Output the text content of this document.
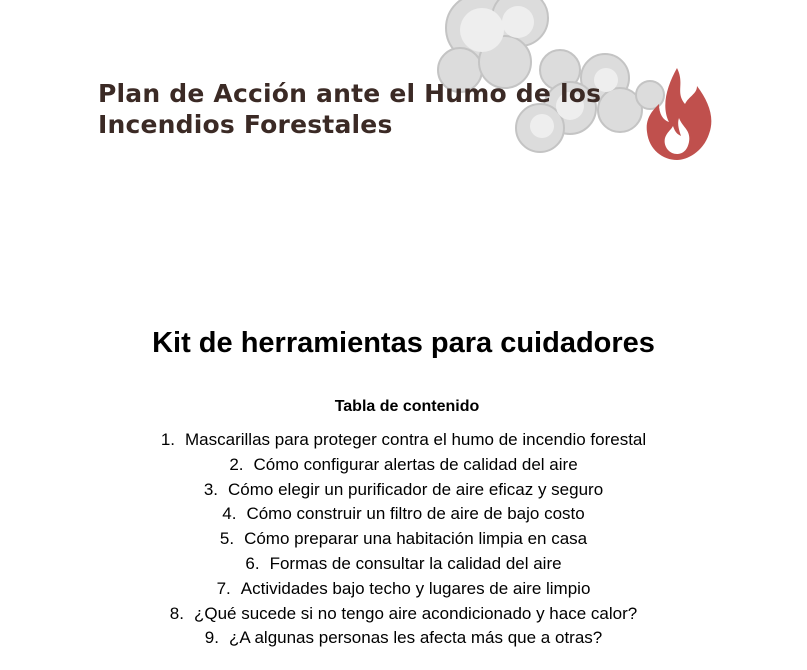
Plan de Acción ante el Humo de los
Incendios Forestales
Kit de herramientas para cuidadores
Tabla de contenido
1. Mascarillas para proteger contra el humo de incendio forestal
2. Cómo configurar alertas de calidad del aire
3. Cómo elegir un purificador de aire eficaz y seguro
4. Cómo construir un filtro de aire de bajo costo
5. Cómo preparar una habitación limpia en casa
6. Formas de consultar la calidad del aire
7. Actividades bajo techo y lugares de aire limpio
8. ¿Qué sucede si no tengo aire acondicionado y hace calor?
9. ¿A algunas personas les afecta más que a otras?
